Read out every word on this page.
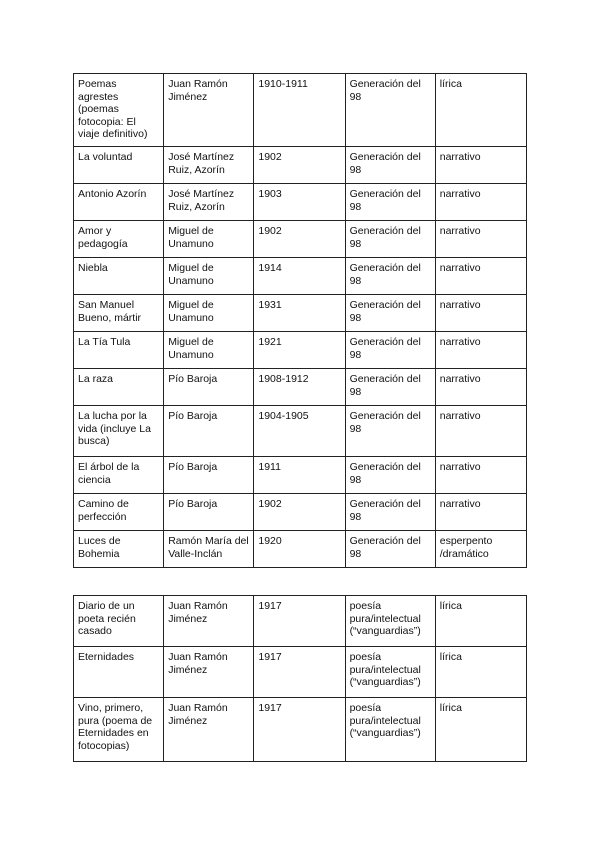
Poemas agrestes (poemas fotocopia: El viaje definitivo)	Juan Ramón Jiménez	1910-1911	Generación del 98	lírica
La voluntad	José Martínez Ruiz, Azorín	1902	Generación del 98	narrativo
Antonio Azorín	José Martínez Ruiz, Azorín	1903	Generación del 98	narrativo
Amor y pedagogía	Miguel de Unamuno	1902	Generación del 98	narrativo
Niebla	Miguel de Unamuno	1914	Generación del 98	narrativo
San Manuel Bueno, mártir	Miguel de Unamuno	1931	Generación del 98	narrativo
La Tía Tula	Miguel de Unamuno	1921	Generación del 98	narrativo
La raza	Pío Baroja	1908-1912	Generación del 98	narrativo
La lucha por la vida (incluye La busca)	Pío Baroja	1904-1905	Generación del 98	narrativo
El árbol de la ciencia	Pío Baroja	1911	Generación del 98	narrativo
Camino de perfección	Pío Baroja	1902	Generación del 98	narrativo
Luces de Bohemia	Ramón María del Valle-Inclán	1920	Generación del 98	esperpento /dramático
Diario de un poeta recién casado	Juan Ramón Jiménez	1917	poesía pura/intelectual (“vanguardias”)	lírica
Eternidades	Juan Ramón Jiménez	1917	poesía pura/intelectual (“vanguardias”)	lírica
Vino, primero, pura (poema de Eternidades en fotocopias)	Juan Ramón Jiménez	1917	poesía pura/intelectual (“vanguardias”)	lírica
